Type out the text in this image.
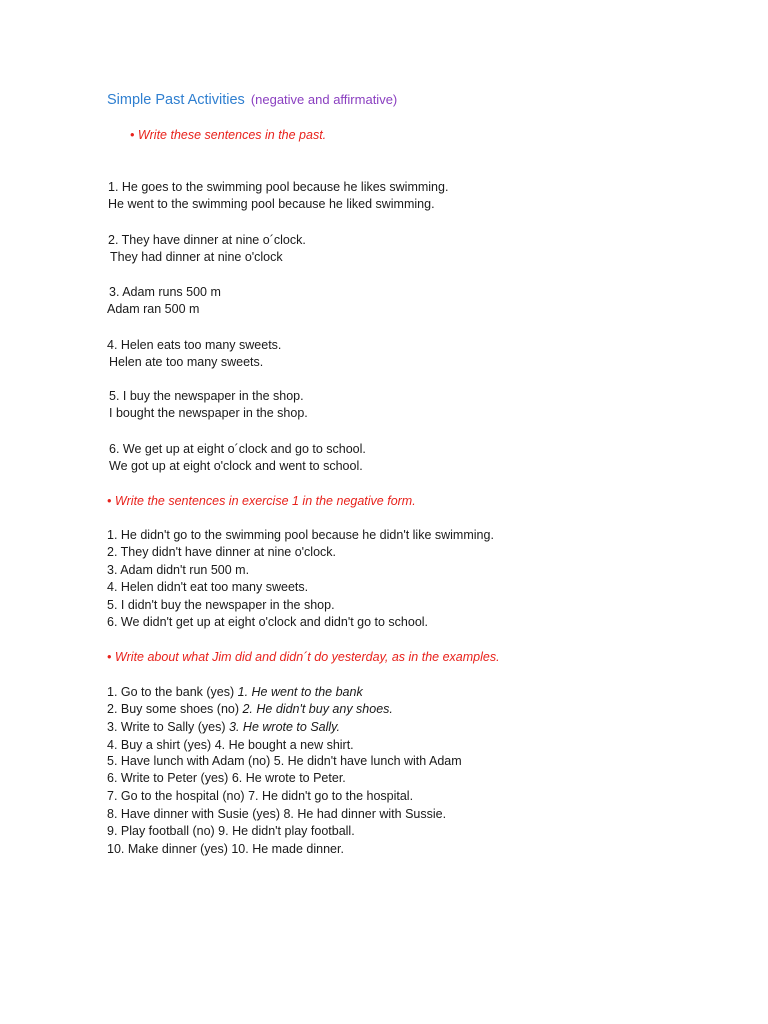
Simple Past Activities (negative and affirmative)
• Write these sentences in the past.
1. He goes to the swimming pool because he likes swimming.
He went to the swimming pool because he liked swimming.
2. They have dinner at nine o´clock.
They had dinner at nine o'clock
3. Adam runs 500 m
Adam ran 500 m
4. Helen eats too many sweets.
Helen ate too many sweets.
5. I buy the newspaper in the shop.
I bought the newspaper in the shop.
6. We get up at eight o´clock and go to school.
We got up at eight o'clock and went to school.
• Write the sentences in exercise 1 in the negative form.
1. He didn't go to the swimming pool because he didn't like swimming.
2. They didn't have dinner at nine o'clock.
3. Adam didn't run 500 m.
4. Helen didn't eat too many sweets.
5. I didn't buy the newspaper in the shop.
6. We didn't get up at eight o'clock and didn't go to school.
• Write about what Jim did and didn´t do yesterday, as in the examples.
1. Go to the bank (yes) 1. He went to the bank
2. Buy some shoes (no) 2. He didn't buy any shoes.
3. Write to Sally (yes) 3. He wrote to Sally.
4. Buy a shirt (yes) 4. He bought a new shirt.
5. Have lunch with Adam (no) 5. He didn't have lunch with Adam
6. Write to Peter (yes) 6. He wrote to Peter.
7. Go to the hospital (no) 7. He didn't go to the hospital.
8. Have dinner with Susie (yes) 8. He had dinner with Sussie.
9. Play football (no) 9. He didn't play football.
10. Make dinner (yes) 10. He made dinner.
